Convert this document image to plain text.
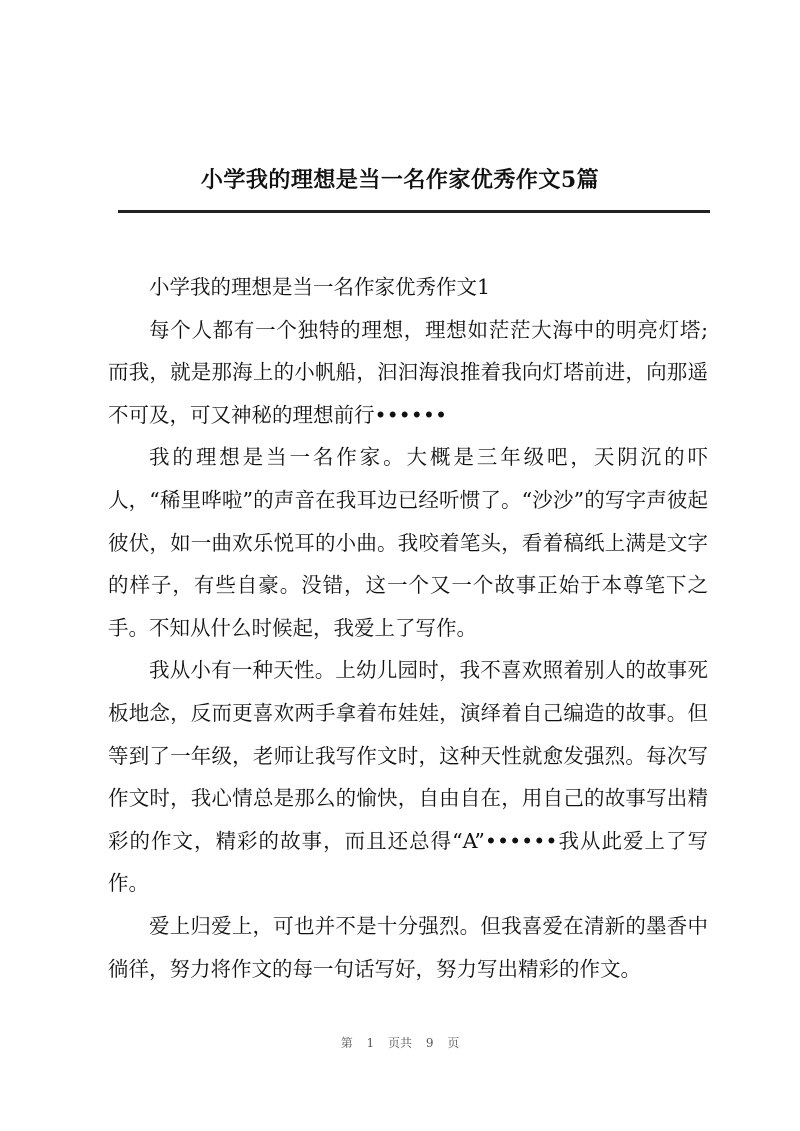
小学我的理想是当一名作家优秀作文5篇

小学我的理想是当一名作家优秀作文1

每个人都有一个独特的理想，理想如茫茫大海中的明亮灯塔;而我，就是那海上的小帆船，汩汩海浪推着我向灯塔前进，向那遥不可及，可又神秘的理想前行••••••

我的理想是当一名作家。大概是三年级吧，天阴沉的吓人，“稀里哗啦”的声音在我耳边已经听惯了。“沙沙”的写字声彼起彼伏，如一曲欢乐悦耳的小曲。我咬着笔头，看着稿纸上满是文字的样子，有些自豪。没错，这一个又一个故事正始于本尊笔下之手。不知从什么时候起，我爱上了写作。

我从小有一种天性。上幼儿园时，我不喜欢照着别人的故事死板地念，反而更喜欢两手拿着布娃娃，演绎着自己编造的故事。但等到了一年级，老师让我写作文时，这种天性就愈发强烈。每次写作文时，我心情总是那么的愉快，自由自在，用自己的故事写出精彩的作文，精彩的故事，而且还总得“A”••••••我从此爱上了写作。

爱上归爱上，可也并不是十分强烈。但我喜爱在清新的墨香中徜徉，努力将作文的每一句话写好，努力写出精彩的作文。

第 1 页共 9 页
